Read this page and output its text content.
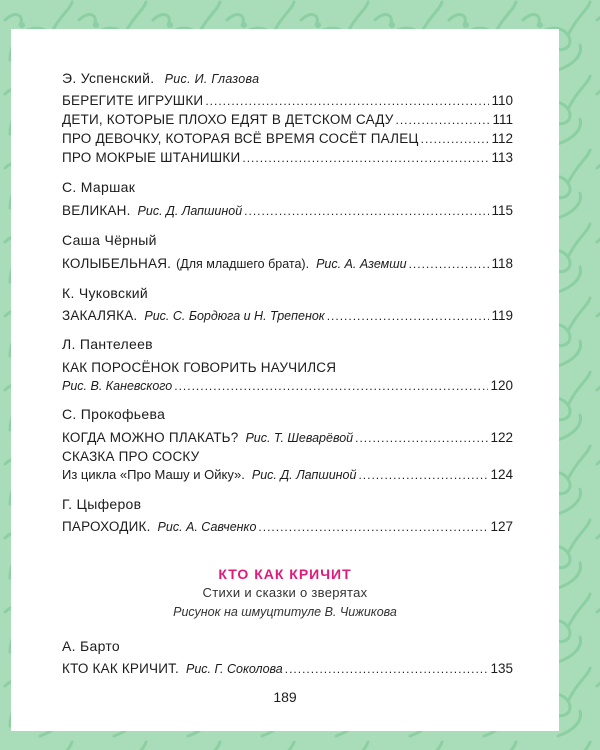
Э. Успенский. Рис. И. Глазова
БЕРЕГИТЕ ИГРУШКИ .....	110
ДЕТИ, КОТОРЫЕ ПЛОХО ЕДЯТ В ДЕТСКОМ САДУ .....	111
ПРО ДЕВОЧКУ, КОТОРАЯ ВСЁ ВРЕМЯ СОСЁТ ПАЛЕЦ .....	112
ПРО МОКРЫЕ ШТАНИШКИ .....	113
С. Маршак
ВЕЛИКАН. Рис. Д. Лапшиной .....	115
Саша Чёрный
КОЛЫБЕЛЬНАЯ. (Для младшего брата). Рис. А. Аземши .....	118
К. Чуковский
ЗАКАЛЯКА. Рис. С. Бордюга и Н. Трепенок .....	119
Л. Пантелеев
КАК ПОРОСЁНОК ГОВОРИТЬ НАУЧИЛСЯ
Рис. В. Каневского .....	120
С. Прокофьева
КОГДА МОЖНО ПЛАКАТЬ? Рис. Т. Шеварёвой .....	122
СКАЗКА ПРО СОСКУ
Из цикла «Про Машу и Ойку». Рис. Д. Лапшиной .....	124
Г. Цыферов
ПАРОХОДИК. Рис. А. Савченко .....	127
КТО КАК КРИЧИТ
Стихи и сказки о зверятах
Рисунок на шмуцтитуле В. Чижикова
А. Барто
КТО КАК КРИЧИТ. Рис. Г. Соколова .....	135
189
